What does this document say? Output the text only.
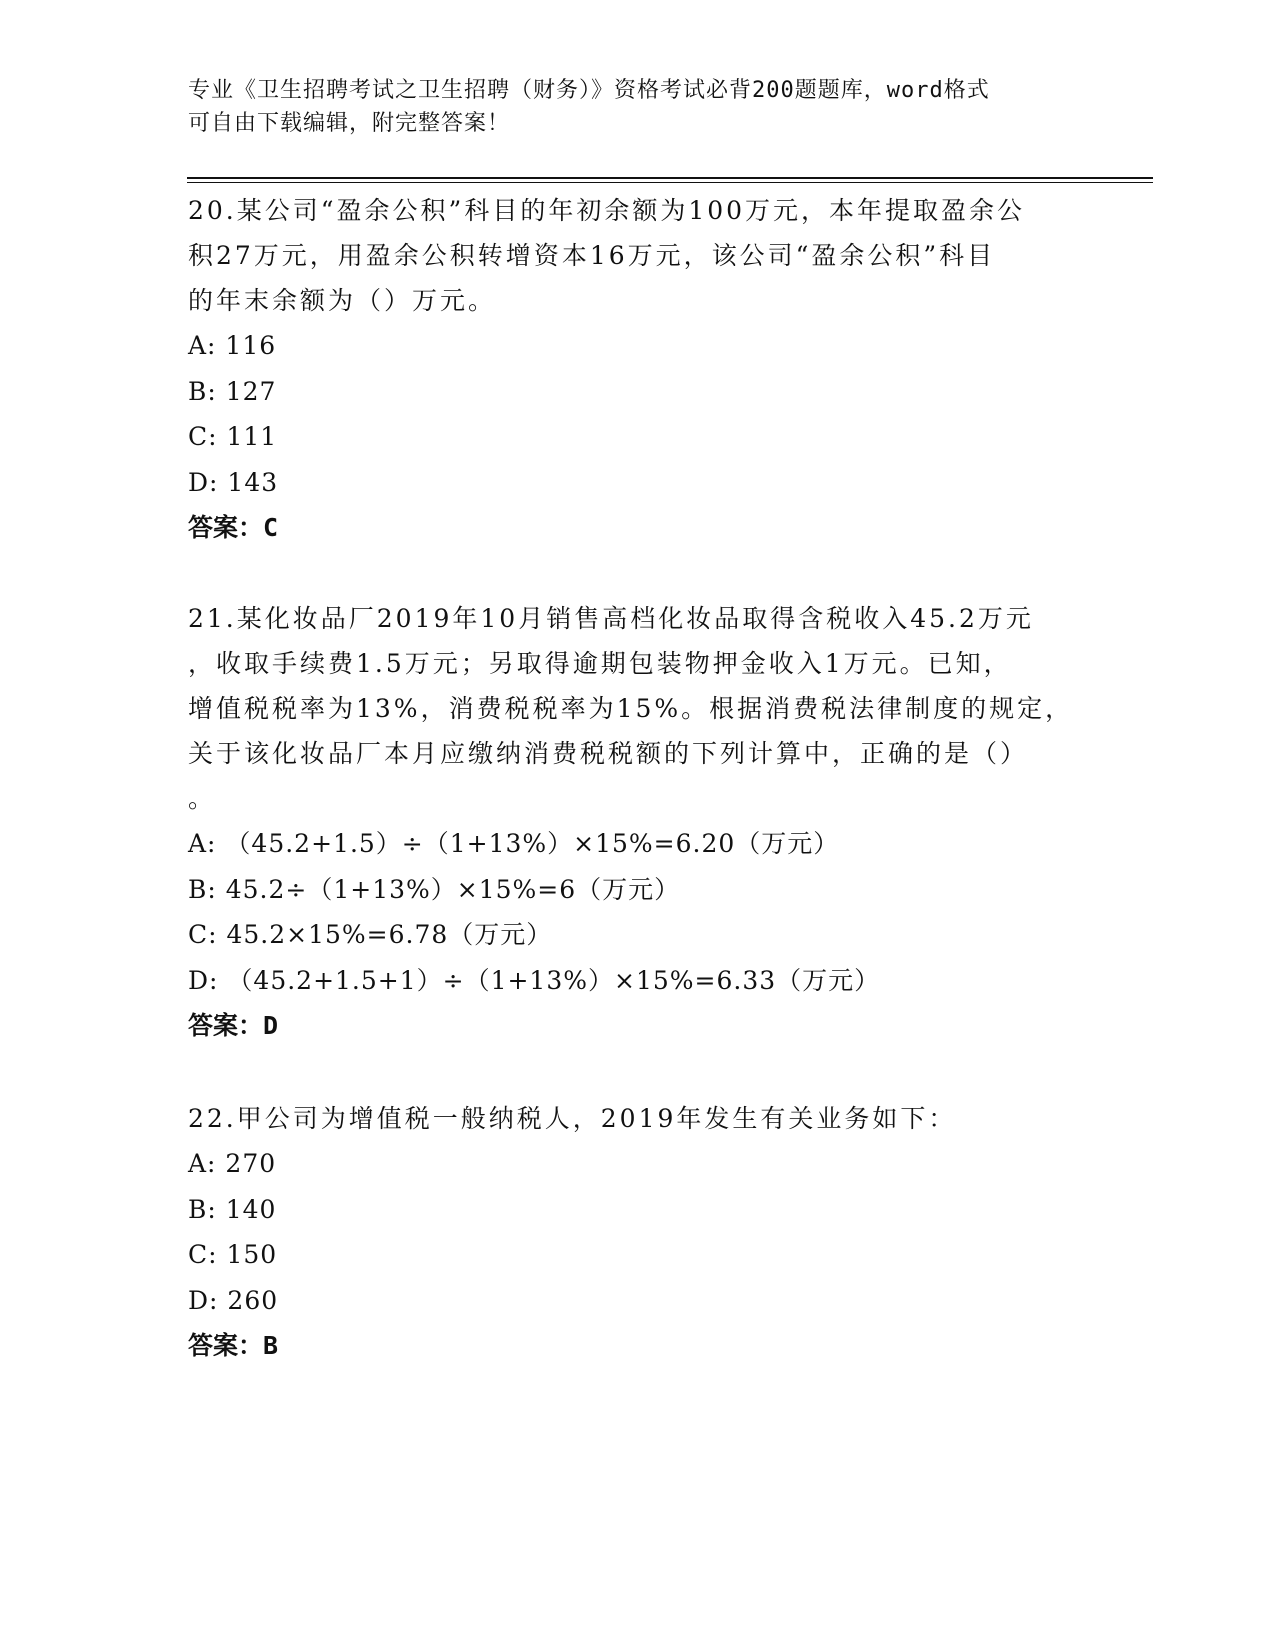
专业《卫生招聘考试之卫生招聘（财务）》资格考试必背200题题库，word格式
可自由下载编辑，附完整答案！
20.某公司“盈余公积”科目的年初余额为100万元，本年提取盈余公
积27万元，用盈余公积转增资本16万元，该公司“盈余公积”科目
的年末余额为（）万元。
A: 116
B: 127
C: 111
D: 143
答案：C
21.某化妆品厂2019年10月销售高档化妆品取得含税收入45.2万元
，收取手续费1.5万元；另取得逾期包装物押金收入1万元。已知，
增值税税率为13%，消费税税率为15%。根据消费税法律制度的规定，
关于该化妆品厂本月应缴纳消费税税额的下列计算中，正确的是（）
。
A: （45.2+1.5）÷（1+13%）×15%=6.20（万元）
B: 45.2÷（1+13%）×15%=6（万元）
C: 45.2×15%=6.78（万元）
D: （45.2+1.5+1）÷（1+13%）×15%=6.33（万元）
答案：D
22.甲公司为增值税一般纳税人，2019年发生有关业务如下：
A: 270
B: 140
C: 150
D: 260
答案：B
